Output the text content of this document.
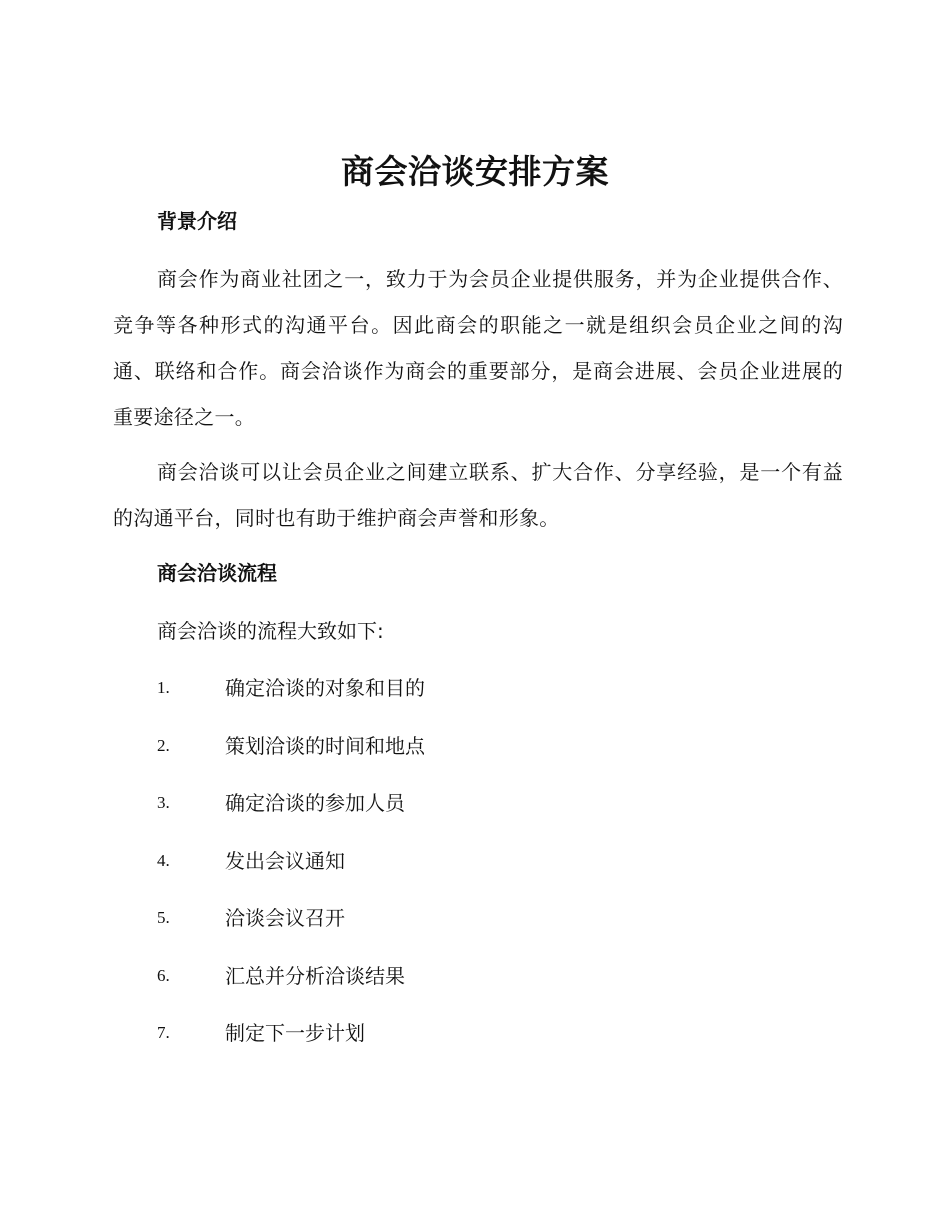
商会洽谈安排方案
背景介绍

商会作为商业社团之一，致力于为会员企业提供服务，并为企业提供合作、竞争等各种形式的沟通平台。因此商会的职能之一就是组织会员企业之间的沟通、联络和合作。商会洽谈作为商会的重要部分，是商会进展、会员企业进展的重要途径之一。

商会洽谈可以让会员企业之间建立联系、扩大合作、分享经验，是一个有益的沟通平台，同时也有助于维护商会声誉和形象。

商会洽谈流程
商会洽谈的流程大致如下:
1.	确定洽谈的对象和目的
2.	策划洽谈的时间和地点
3.	确定洽谈的参加人员
4.	发出会议通知
5.	洽谈会议召开
6.	汇总并分析洽谈结果
7.	制定下一步计划
